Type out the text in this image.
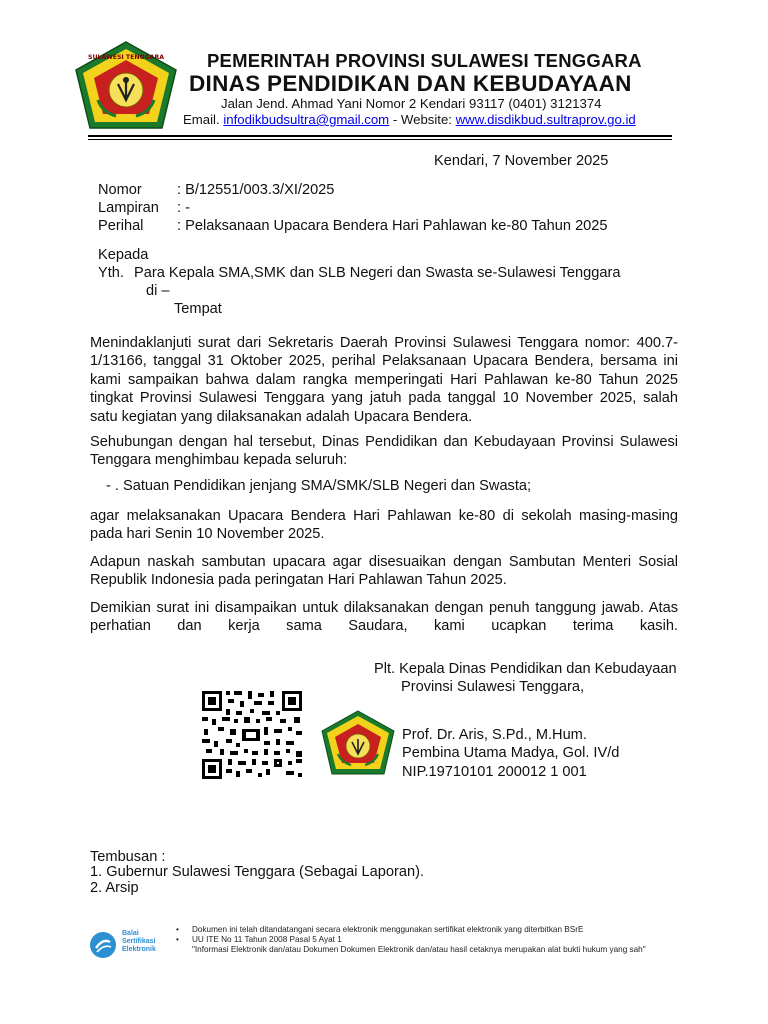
SULAWESI TENGGARA PEMERINTAH PROVINSI SULAWESI TENGGARA
DINAS PENDIDIKAN DAN KEBUDAYAAN
Jalan Jend. Ahmad Yani Nomor 2 Kendari 93117 (0401) 3121374
Email. infodikbudsultra@gmail.com - Website: www.disdikbud.sultraprov.go.id
Kendari, 7 November 2025
Nomor : B/12551/003.3/XI/2025
Lampiran : -
Perihal : Pelaksanaan Upacara Bendera Hari Pahlawan ke-80 Tahun 2025
Kepada
Yth. Para Kepala SMA,SMK dan SLB Negeri dan Swasta se-Sulawesi Tenggara
di –
Tempat
Menindaklanjuti surat dari Sekretaris Daerah Provinsi Sulawesi Tenggara nomor: 400.7-1/13166, tanggal 31 Oktober 2025, perihal Pelaksanaan Upacara Bendera, bersama ini kami sampaikan bahwa dalam rangka memperingati Hari Pahlawan ke-80 Tahun 2025 tingkat Provinsi Sulawesi Tenggara yang jatuh pada tanggal 10 November 2025, salah satu kegiatan yang dilaksanakan adalah Upacara Bendera.
Sehubungan dengan hal tersebut, Dinas Pendidikan dan Kebudayaan Provinsi Sulawesi Tenggara menghimbau kepada seluruh:
- . Satuan Pendidikan jenjang SMA/SMK/SLB Negeri dan Swasta;
agar melaksanakan Upacara Bendera Hari Pahlawan ke-80 di sekolah masing-masing pada hari Senin 10 November 2025.
Adapun naskah sambutan upacara agar disesuaikan dengan Sambutan Menteri Sosial Republik Indonesia pada peringatan Hari Pahlawan Tahun 2025.
Demikian surat ini disampaikan untuk dilaksanakan dengan penuh tanggung jawab. Atas perhatian dan kerja sama Saudara, kami ucapkan terima kasih.
Plt. Kepala Dinas Pendidikan dan Kebudayaan
Provinsi Sulawesi Tenggara,
Prof. Dr. Aris, S.Pd., M.Hum.
Pembina Utama Madya, Gol. IV/d
NIP.19710101 200012 1 001
Tembusan :
1. Gubernur Sulawesi Tenggara (Sebagai Laporan).
2. Arsip
Balai
Sertifikasi
Elektronik
• Dokumen ini telah ditandatangani secara elektronik menggunakan sertifikat elektronik yang diterbitkan BSrE
• UU ITE No 11 Tahun 2008 Pasal 5 Ayat 1
"Informasi Elektronik dan/atau Dokumen Dokumen Elektronik dan/atau hasil cetaknya merupakan alat bukti hukum yang sah"
